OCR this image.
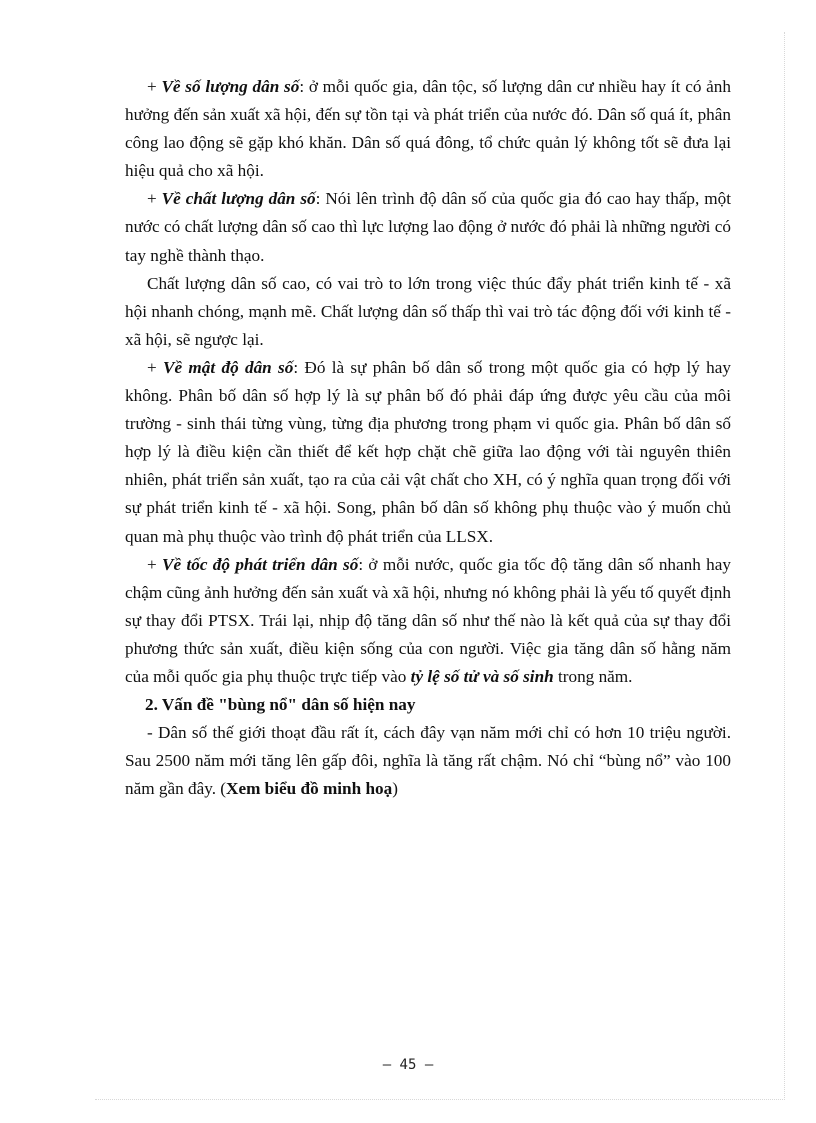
+ Về số lượng dân số: ở mỗi quốc gia, dân tộc, số lượng dân cư nhiều hay ít có ảnh hưởng đến sản xuất xã hội, đến sự tồn tại và phát triển của nước đó. Dân số quá ít, phân công lao động sẽ gặp khó khăn. Dân số quá đông, tổ chức quản lý không tốt sẽ đưa lại hiệu quả cho xã hội.

+ Về chất lượng dân số: Nói lên trình độ dân số của quốc gia đó cao hay thấp, một nước có chất lượng dân số cao thì lực lượng lao động ở nước đó phải là những người có tay nghề thành thạo.

Chất lượng dân số cao, có vai trò to lớn trong việc thúc đẩy phát triển kinh tế - xã hội nhanh chóng, mạnh mẽ. Chất lượng dân số thấp thì vai trò tác động đối với kinh tế - xã hội, sẽ ngược lại.

+ Về mật độ dân số: Đó là sự phân bố dân số trong một quốc gia có hợp lý hay không. Phân bố dân số hợp lý là sự phân bố đó phải đáp ứng được yêu cầu của môi trường - sinh thái từng vùng, từng địa phương trong phạm vi quốc gia. Phân bố dân số hợp lý là điều kiện cần thiết để kết hợp chặt chẽ giữa lao động với tài nguyên thiên nhiên, phát triển sản xuất, tạo ra của cải vật chất cho XH, có ý nghĩa quan trọng đối với sự phát triển kinh tế - xã hội. Song, phân bố dân số không phụ thuộc vào ý muốn chủ quan mà phụ thuộc vào trình độ phát triển của LLSX.

+ Về tốc độ phát triển dân số: ở mỗi nước, quốc gia tốc độ tăng dân số nhanh hay chậm cũng ảnh hưởng đến sản xuất và xã hội, nhưng nó không phải là yếu tố quyết định sự thay đổi PTSX. Trái lại, nhịp độ tăng dân số như thế nào là kết quả của sự thay đổi phương thức sản xuất, điều kiện sống của con người. Việc gia tăng dân số hằng năm của mỗi quốc gia phụ thuộc trực tiếp vào tỷ lệ số tử và số sinh trong năm.

2. Vấn đề "bùng nổ" dân số hiện nay

- Dân số thế giới thoạt đầu rất ít, cách đây vạn năm mới chỉ có hơn 10 triệu người. Sau 2500 năm mới tăng lên gấp đôi, nghĩa là tăng rất chậm. Nó chỉ “bùng nổ” vào 100 năm gần đây. (Xem biểu đồ minh hoạ)

– 45 –
